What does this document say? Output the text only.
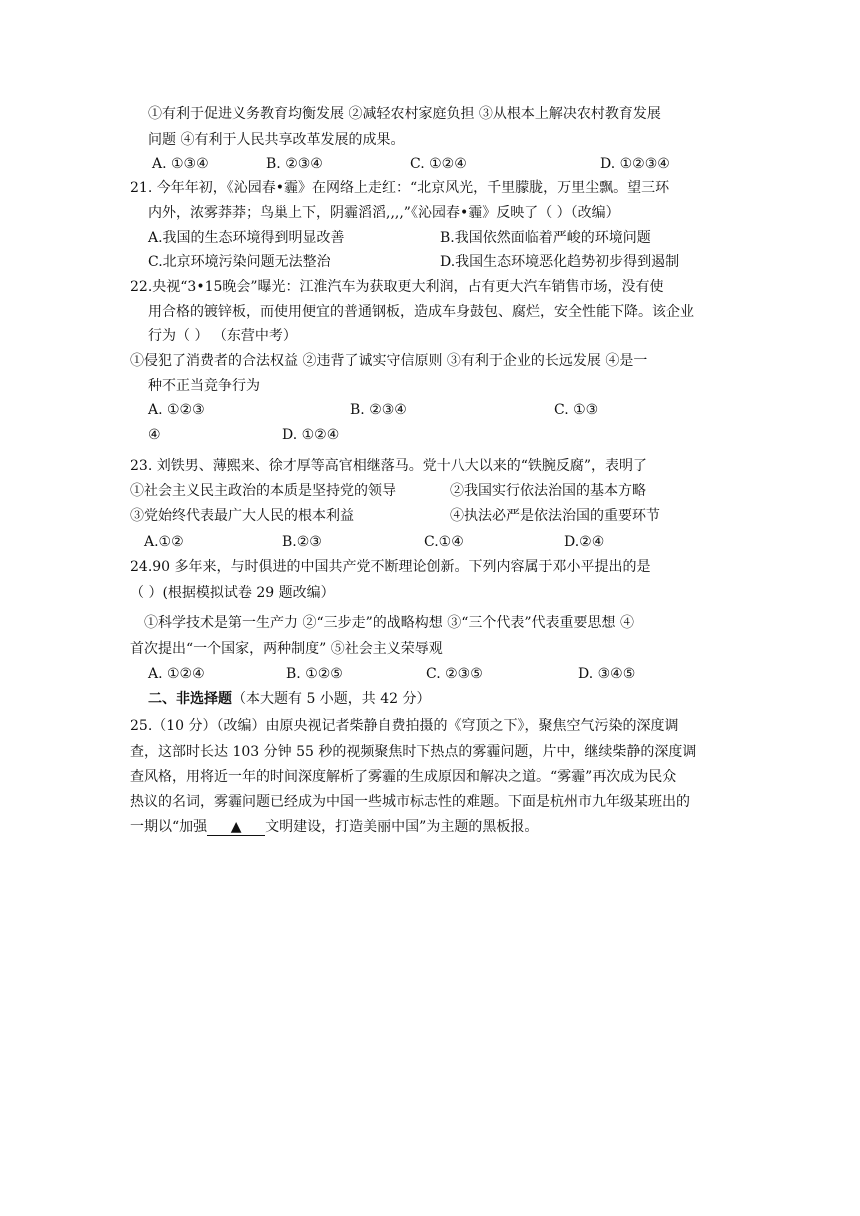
①有利于促进义务教育均衡发展 ②减轻农村家庭负担 ③从根本上解决农村教育发展
问题 ④有利于人民共享改革发展的成果。
A. ①③④	B. ②③④	C. ①②④	D. ①②③④
21. 今年年初，《沁园春•霾》在网络上走红：“北京风光，千里朦胧，万里尘飘。望三环
内外，浓雾莽莽；鸟巢上下，阴霾滔滔,,,,”《沁园春•霾》反映了（ ）（改编）
A.我国的生态环境得到明显改善	B.我国依然面临着严峻的环境问题
C.北京环境污染问题无法整治	D.我国生态环境恶化趋势初步得到遏制
22.央视“3•15晚会”曝光：江淮汽车为获取更大利润，占有更大汽车销售市场，没有使
用合格的镀锌板，而使用便宜的普通钢板，造成车身鼓包、腐烂，安全性能下降。该企业
行为（ ） （东营中考）
①侵犯了消费者的合法权益 ②违背了诚实守信原则 ③有利于企业的长远发展 ④是一
种不正当竞争行为
A. ①②③	B. ②③④	C. ①③
④	D. ①②④
23. 刘铁男、薄熙来、徐才厚等高官相继落马。党十八大以来的“铁腕反腐”，表明了
①社会主义民主政治的本质是坚持党的领导	②我国实行依法治国的基本方略
③党始终代表最广大人民的根本利益	④执法必严是依法治国的重要环节
A.①②	B.②③	C.①④	D.②④
24.90 多年来，与时俱进的中国共产党不断理论创新。下列内容属于邓小平提出的是
（ ）(根据模拟试卷 29 题改编）
①科学技术是第一生产力 ②“三步走”的战略构想 ③“三个代表”代表重要思想 ④
首次提出“一个国家，两种制度” ⑤社会主义荣辱观
A. ①②④	B. ①②⑤	C. ②③⑤	D. ③④⑤
二、非选择题（本大题有 5 小题，共 42 分）
25.（10 分）（改编）由原央视记者柴静自费拍摄的《穹顶之下》，聚焦空气污染的深度调
查，这部时长达 103 分钟 55 秒的视频聚焦时下热点的雾霾问题，片中，继续柴静的深度调
查风格，用将近一年的时间深度解析了雾霾的生成原因和解决之道。“雾霾”再次成为民众
热议的名词，雾霾问题已经成为中国一些城市标志性的难题。下面是杭州市九年级某班出的
一期以“加强 ▲ 文明建设，打造美丽中国”为主题的黑板报。
